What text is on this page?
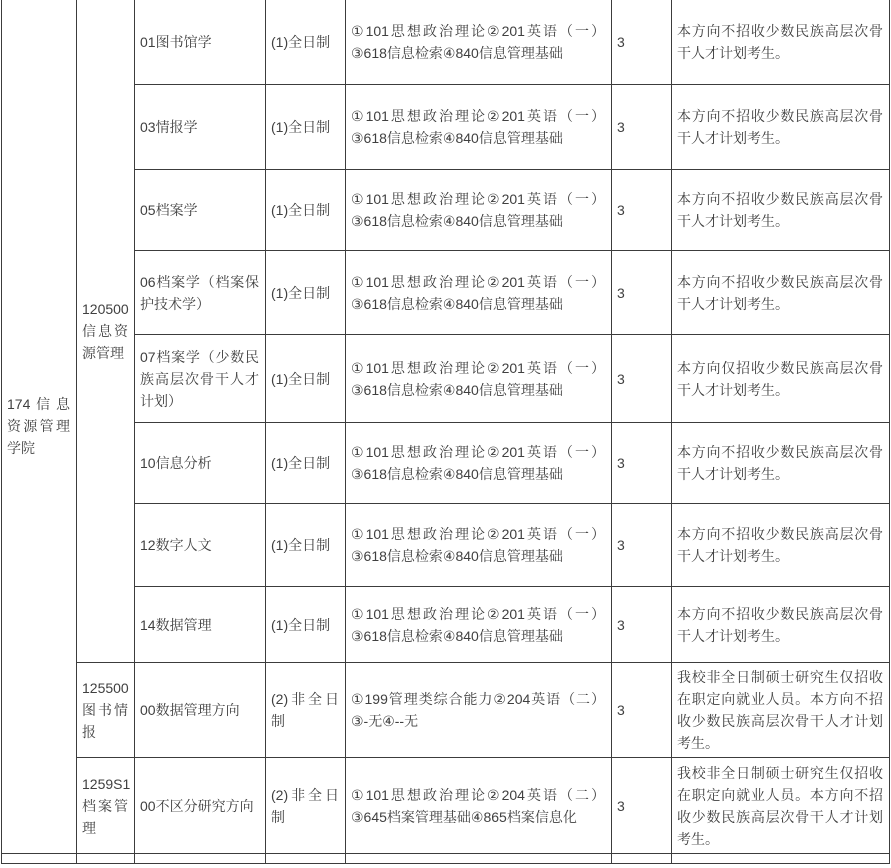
174信息资源管理学院	120500信息资源管理	01图书馆学	(1)全日制	①101思想政治理论②201英语（一）③618信息检索④840信息管理基础	3	本方向不招收少数民族高层次骨干人才计划考生。
		03情报学	(1)全日制	①101思想政治理论②201英语（一）③618信息检索④840信息管理基础	3	本方向不招收少数民族高层次骨干人才计划考生。
		05档案学	(1)全日制	①101思想政治理论②201英语（一）③618信息检索④840信息管理基础	3	本方向不招收少数民族高层次骨干人才计划考生。
		06档案学（档案保护技术学）	(1)全日制	①101思想政治理论②201英语（一）③618信息检索④840信息管理基础	3	本方向不招收少数民族高层次骨干人才计划考生。
		07档案学（少数民族高层次骨干人才计划）	(1)全日制	①101思想政治理论②201英语（一）③618信息检索④840信息管理基础	3	本方向仅招收少数民族高层次骨干人才计划考生。
		10信息分析	(1)全日制	①101思想政治理论②201英语（一）③618信息检索④840信息管理基础	3	本方向不招收少数民族高层次骨干人才计划考生。
		12数字人文	(1)全日制	①101思想政治理论②201英语（一）③618信息检索④840信息管理基础	3	本方向不招收少数民族高层次骨干人才计划考生。
		14数据管理	(1)全日制	①101思想政治理论②201英语（一）③618信息检索④840信息管理基础	3	本方向不招收少数民族高层次骨干人才计划考生。
	125500图书情报	00数据管理方向	(2)非全日制	①199管理类综合能力②204英语（二）③-无④--无	3	我校非全日制硕士研究生仅招收在职定向就业人员。本方向不招收少数民族高层次骨干人才计划考生。
	1259S1档案管理	00不区分研究方向	(2)非全日制	①101思想政治理论②204英语（二）③645档案管理基础④865档案信息化	3	我校非全日制硕士研究生仅招收在职定向就业人员。本方向不招收少数民族高层次骨干人才计划考生。
